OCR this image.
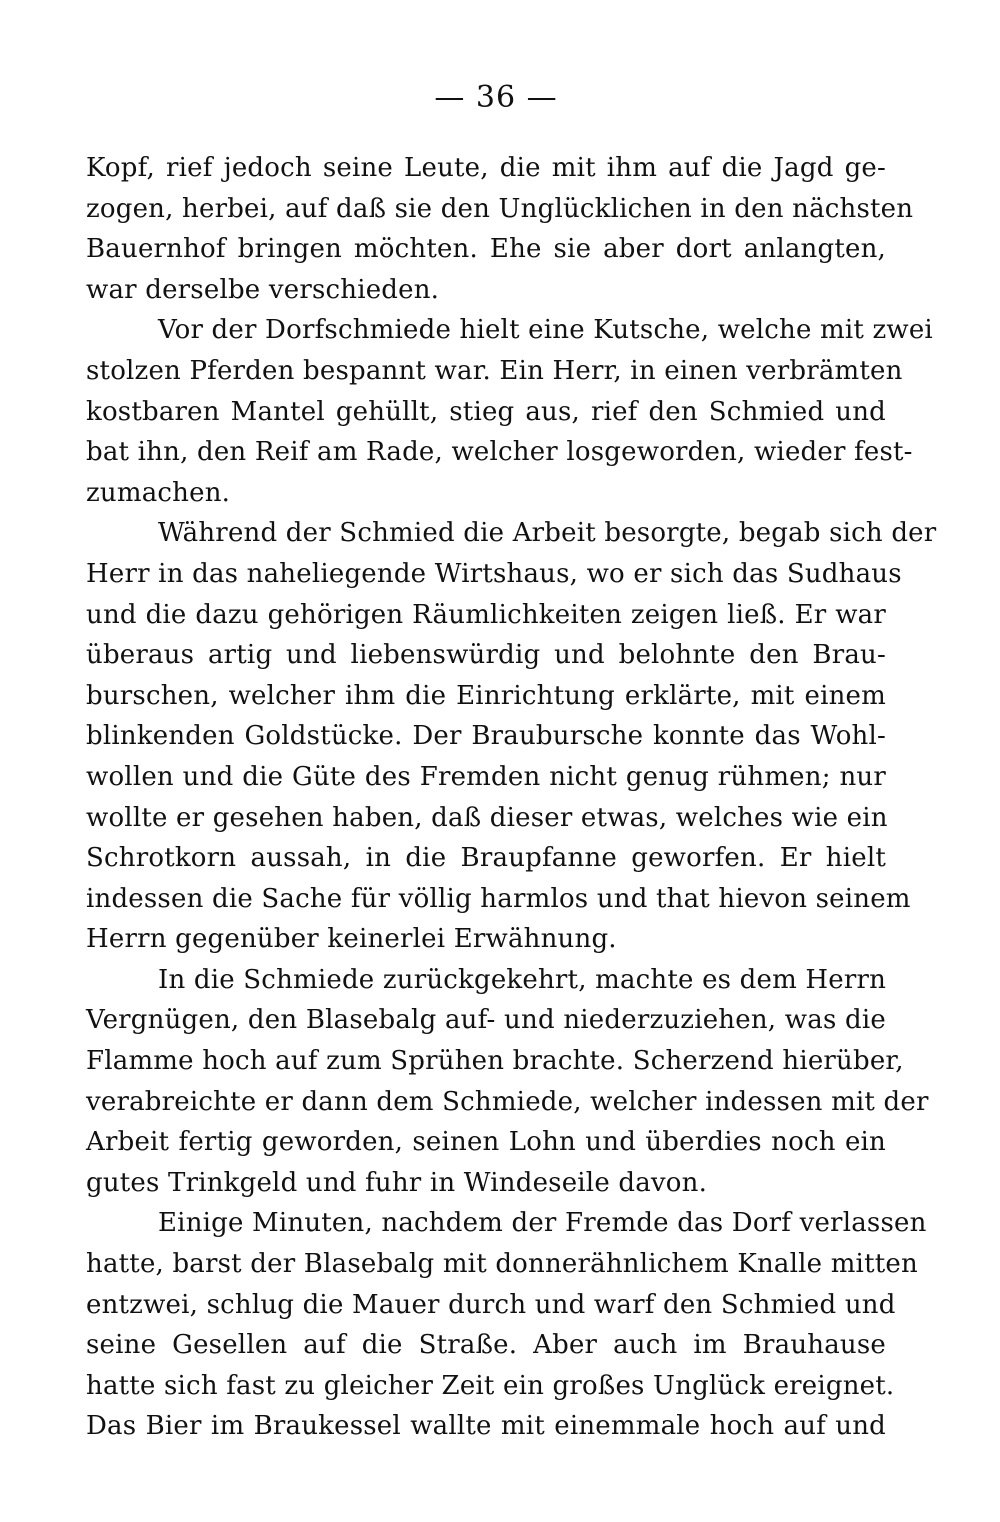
— 36 —
Kopf, rief jedoch seine Leute, die mit ihm auf die Jagd ge-
zogen, herbei, auf daß sie den Unglücklichen in den nächsten
Bauernhof bringen möchten. Ehe sie aber dort anlangten,
war derselbe verschieden.
Vor der Dorfschmiede hielt eine Kutsche, welche mit zwei
stolzen Pferden bespannt war. Ein Herr, in einen verbrämten
kostbaren Mantel gehüllt, stieg aus, rief den Schmied und
bat ihn, den Reif am Rade, welcher losgeworden, wieder fest-
zumachen.
Während der Schmied die Arbeit besorgte, begab sich der
Herr in das naheliegende Wirtshaus, wo er sich das Sudhaus
und die dazu gehörigen Räumlichkeiten zeigen ließ. Er war
überaus artig und liebenswürdig und belohnte den Brau-
burschen, welcher ihm die Einrichtung erklärte, mit einem
blinkenden Goldstücke. Der Braubursche konnte das Wohl-
wollen und die Güte des Fremden nicht genug rühmen; nur
wollte er gesehen haben, daß dieser etwas, welches wie ein
Schrotkorn aussah, in die Braupfanne geworfen. Er hielt
indessen die Sache für völlig harmlos und that hievon seinem
Herrn gegenüber keinerlei Erwähnung.
In die Schmiede zurückgekehrt, machte es dem Herrn
Vergnügen, den Blasebalg auf- und niederzuziehen, was die
Flamme hoch auf zum Sprühen brachte. Scherzend hierüber,
verabreichte er dann dem Schmiede, welcher indessen mit der
Arbeit fertig geworden, seinen Lohn und überdies noch ein
gutes Trinkgeld und fuhr in Windeseile davon.
Einige Minuten, nachdem der Fremde das Dorf verlassen
hatte, barst der Blasebalg mit donnerähnlichem Knalle mitten
entzwei, schlug die Mauer durch und warf den Schmied und
seine Gesellen auf die Straße. Aber auch im Brauhause
hatte sich fast zu gleicher Zeit ein großes Unglück ereignet.
Das Bier im Braukessel wallte mit einemmale hoch auf und
